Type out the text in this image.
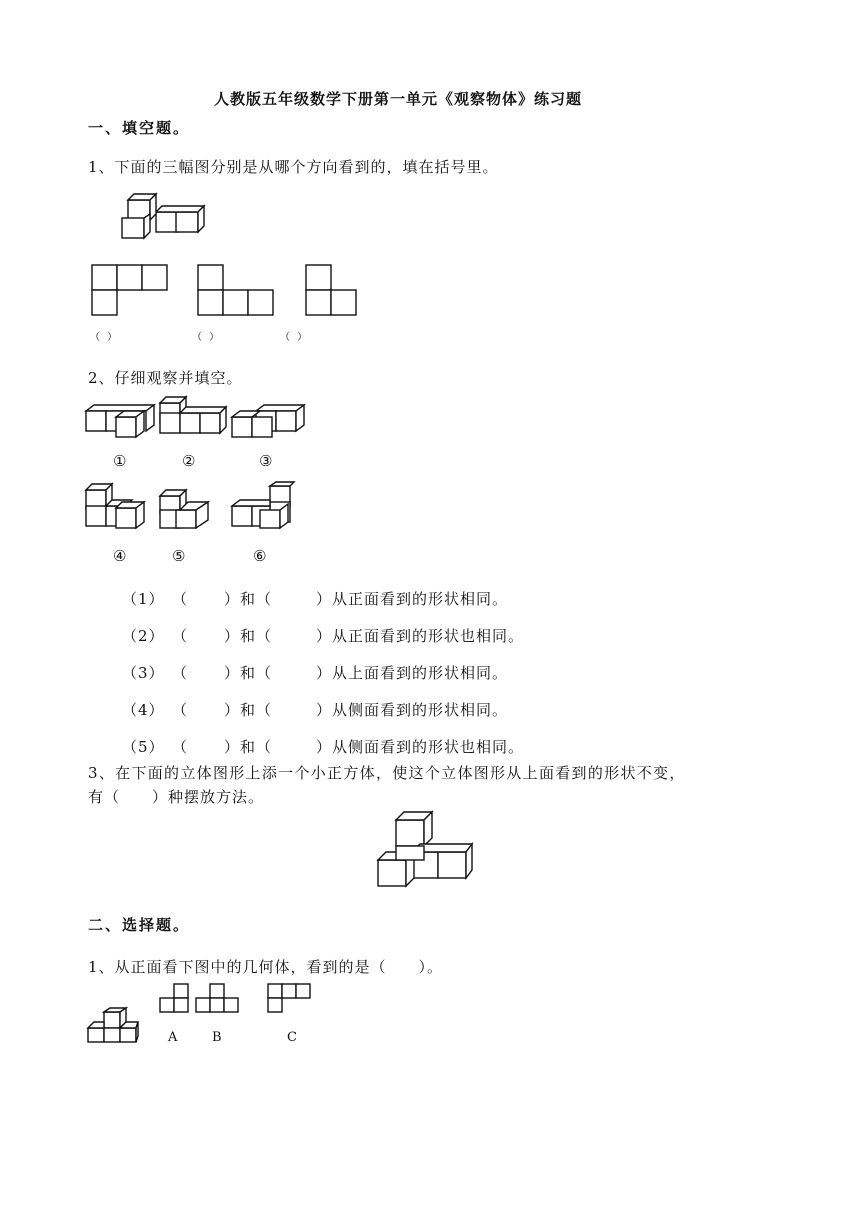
人教版五年级数学下册第一单元《观察物体》练习题
一、填空题。
1、下面的三幅图分别是从哪个方向看到的，填在括号里。
（ ）	（ ）	（ ）
2、仔细观察并填空。
①	②	③
④	⑤	⑥
（1） （ ）和（	）从正面看到的形状相同。
（2） （ ）和（	）从正面看到的形状也相同。
（3） （ ）和（	）从上面看到的形状相同。
（4） （ ）和（	）从侧面看到的形状相同。
（5） （ ）和（	）从侧面看到的形状也相同。
3、在下面的立体图形上添一个小正方体，使这个立体图形从上面看到的形状不变，
有（　　）种摆放方法。
二、选择题。
1、从正面看下图中的几何体，看到的是（　　）。
A	B	C
